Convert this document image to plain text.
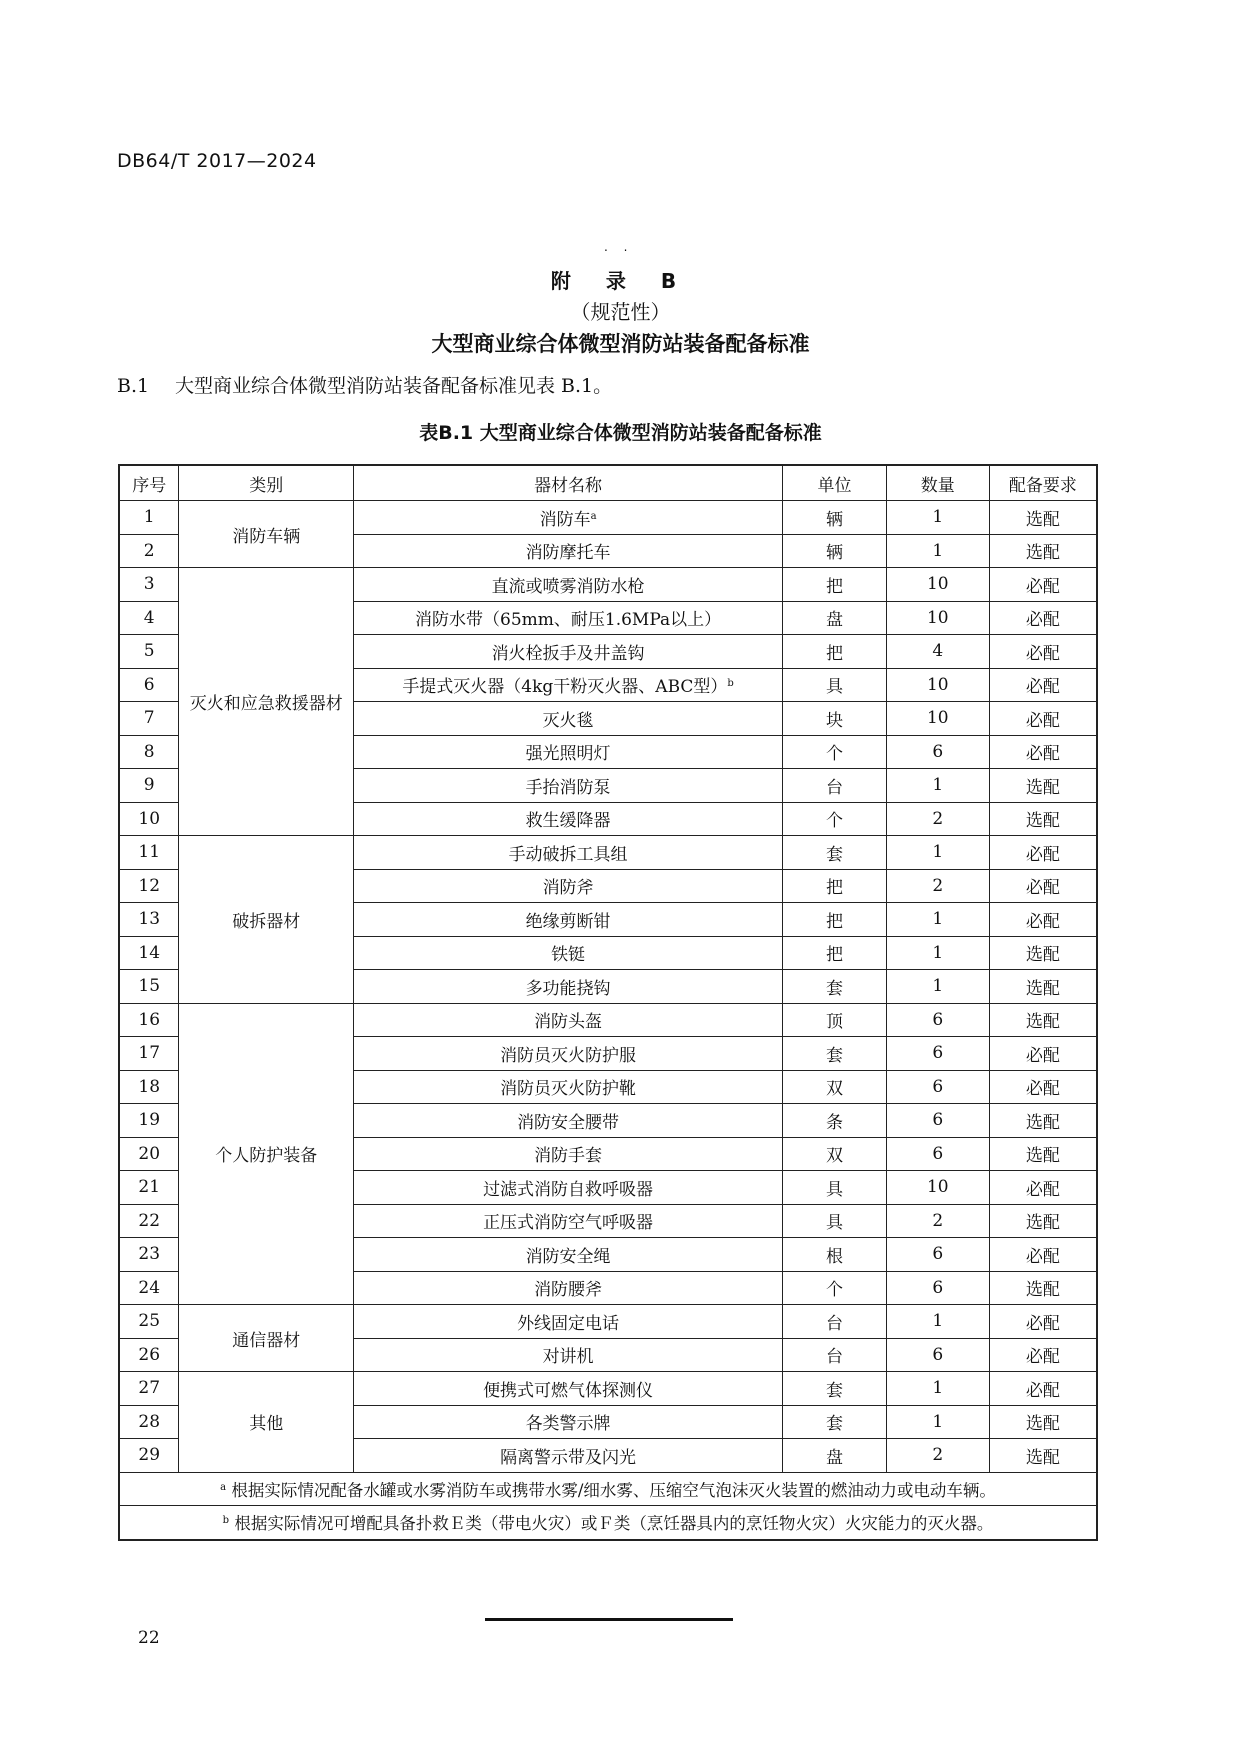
DB64/T 2017—2024
. .
附 录 B
（规范性）
大型商业综合体微型消防站装备配备标准
B.1 大型商业综合体微型消防站装备配备标准见表 B.1。
表B.1 大型商业综合体微型消防站装备配备标准
序号	类别	器材名称	单位	数量	配备要求
1	消防车辆	消防车$^a$	辆	1	选配
2		消防摩托车	辆	1	选配
3	灭火和应急救援器材	直流或喷雾消防水枪	把	10	必配
4		消防水带（65mm、耐压1.6MPa以上）	盘	10	必配
5		消火栓扳手及井盖钩	把	4	必配
6		手提式灭火器（4kg干粉灭火器、ABC型）$^b$	具	10	必配
7		灭火毯	块	10	必配
8		强光照明灯	个	6	必配
9		手抬消防泵	台	1	选配
10		救生缓降器	个	2	选配
11	破拆器材	手动破拆工具组	套	1	必配
12		消防斧	把	2	必配
13		绝缘剪断钳	把	1	必配
14		铁铤	把	1	选配
15		多功能挠钩	套	1	选配
16	个人防护装备	消防头盔	顶	6	选配
17		消防员灭火防护服	套	6	必配
18		消防员灭火防护靴	双	6	必配
19		消防安全腰带	条	6	选配
20		消防手套	双	6	选配
21		过滤式消防自救呼吸器	具	10	必配
22		正压式消防空气呼吸器	具	2	选配
23		消防安全绳	根	6	必配
24		消防腰斧	个	6	选配
25	通信器材	外线固定电话	台	1	必配
26		对讲机	台	6	必配
27	其他	便携式可燃气体探测仪	套	1	必配
28		各类警示牌	套	1	选配
29		隔离警示带及闪光	盘	2	选配
$^a$ 根据实际情况配备水罐或水雾消防车或携带水雾/细水雾、压缩空气泡沫灭火装置的燃油动力或电动车辆。					
$^b$ 根据实际情况可增配具备扑救Ｅ类（带电火灾）或Ｆ类（烹饪器具内的烹饪物火灾）火灾能力的灭火器。					
22
